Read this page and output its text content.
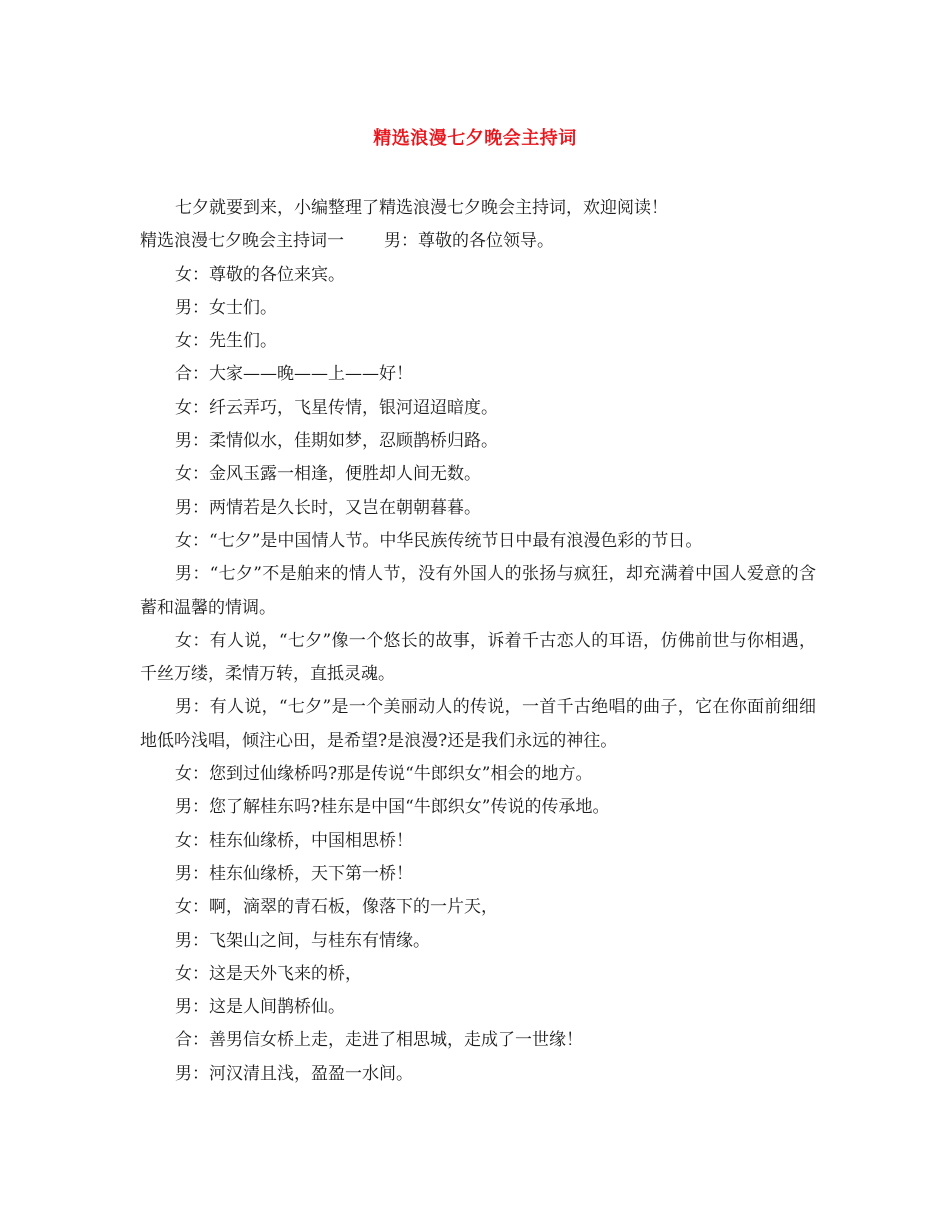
精选浪漫七夕晚会主持词

七夕就要到来，小编整理了精选浪漫七夕晚会主持词，欢迎阅读！

精选浪漫七夕晚会主持词一 男：尊敬的各位领导。

女：尊敬的各位来宾。

男：女士们。

女：先生们。

合：大家——晚——上——好！

女：纤云弄巧，飞星传情，银河迢迢暗度。

男：柔情似水，佳期如梦，忍顾鹊桥归路。

女：金风玉露一相逢，便胜却人间无数。

男：两情若是久长时，又岂在朝朝暮暮。

女：“七夕”是中国情人节。中华民族传统节日中最有浪漫色彩的节日。

男：“七夕”不是舶来的情人节，没有外国人的张扬与疯狂，却充满着中国人爱意的含蓄和温馨的情调。

女：有人说，“七夕”像一个悠长的故事，诉着千古恋人的耳语，仿佛前世与你相遇，千丝万缕，柔情万转，直抵灵魂。

男：有人说，“七夕”是一个美丽动人的传说，一首千古绝唱的曲子，它在你面前细细地低吟浅唱，倾注心田，是希望?是浪漫?还是我们永远的神往。

女：您到过仙缘桥吗?那是传说“牛郎织女”相会的地方。

男：您了解桂东吗?桂东是中国“牛郎织女”传说的传承地。

女：桂东仙缘桥，中国相思桥！

男：桂东仙缘桥，天下第一桥！

女：啊，滴翠的青石板，像落下的一片天，

男：飞架山之间，与桂东有情缘。

女：这是天外飞来的桥，

男：这是人间鹊桥仙。

合：善男信女桥上走，走进了相思城，走成了一世缘！

男：河汉清且浅，盈盈一水间。
